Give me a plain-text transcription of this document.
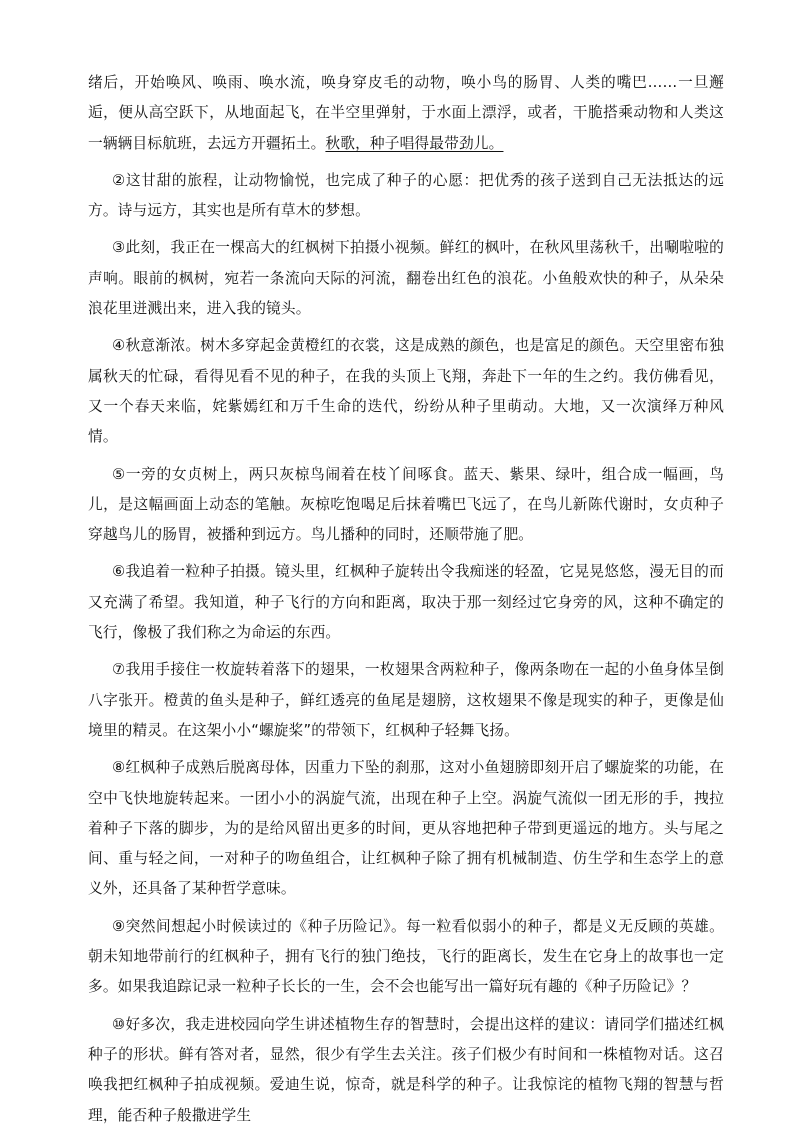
绪后，开始唤风、唤雨、唤水流，唤身穿皮毛的动物，唤小鸟的肠胃、人类的嘴巴……一旦邂逅，便从高空跃下，从地面起飞，在半空里弹射，于水面上漂浮，或者，干脆搭乘动物和人类这一辆辆目标航班，去远方开疆拓土。秋歌，种子唱得最带劲儿。

②这甘甜的旅程，让动物愉悦，也完成了种子的心愿：把优秀的孩子送到自己无法抵达的远方。诗与远方，其实也是所有草木的梦想。

③此刻，我正在一棵高大的红枫树下拍摄小视频。鲜红的枫叶，在秋风里荡秋千，出唰啦啦的声响。眼前的枫树，宛若一条流向天际的河流，翻卷出红色的浪花。小鱼般欢快的种子，从朵朵浪花里迸溅出来，进入我的镜头。

④秋意渐浓。树木多穿起金黄橙红的衣裳，这是成熟的颜色，也是富足的颜色。天空里密布独属秋天的忙碌，看得见看不见的种子，在我的头顶上飞翔，奔赴下一年的生之约。我仿佛看见，又一个春天来临，姹紫嫣红和万千生命的迭代，纷纷从种子里萌动。大地，又一次演绎万种风情。

⑤一旁的女贞树上，两只灰椋鸟闹着在枝丫间啄食。蓝天、紫果、绿叶，组合成一幅画，鸟儿，是这幅画面上动态的笔触。灰椋吃饱喝足后抹着嘴巴飞远了，在鸟儿新陈代谢时，女贞种子穿越鸟儿的肠胃，被播种到远方。鸟儿播种的同时，还顺带施了肥。

⑥我追着一粒种子拍摄。镜头里，红枫种子旋转出令我痴迷的轻盈，它晃晃悠悠，漫无目的而又充满了希望。我知道，种子飞行的方向和距离，取决于那一刻经过它身旁的风，这种不确定的飞行，像极了我们称之为命运的东西。

⑦我用手接住一枚旋转着落下的翅果，一枚翅果含两粒种子，像两条吻在一起的小鱼身体呈倒八字张开。橙黄的鱼头是种子，鲜红透亮的鱼尾是翅膀，这枚翅果不像是现实的种子，更像是仙境里的精灵。在这架小小“螺旋桨”的带领下，红枫种子轻舞飞扬。

⑧红枫种子成熟后脱离母体，因重力下坠的刹那，这对小鱼翅膀即刻开启了螺旋桨的功能，在空中飞快地旋转起来。一团小小的涡旋气流，出现在种子上空。涡旋气流似一团无形的手，拽拉着种子下落的脚步，为的是给风留出更多的时间，更从容地把种子带到更遥远的地方。头与尾之间、重与轻之间，一对种子的吻鱼组合，让红枫种子除了拥有机械制造、仿生学和生态学上的意义外，还具备了某种哲学意味。

⑨突然间想起小时候读过的《种子历险记》。每一粒看似弱小的种子，都是义无反顾的英雄。朝未知地带前行的红枫种子，拥有飞行的独门绝技，飞行的距离长，发生在它身上的故事也一定多。如果我追踪记录一粒种子长长的一生，会不会也能写出一篇好玩有趣的《种子历险记》？

⑩好多次，我走进校园向学生讲述植物生存的智慧时，会提出这样的建议：请同学们描述红枫种子的形状。鲜有答对者，显然，很少有学生去关注。孩子们极少有时间和一株植物对话。这召唤我把红枫种子拍成视频。爱迪生说，惊奇，就是科学的种子。让我惊诧的植物飞翔的智慧与哲理，能否种子般撒进学生
